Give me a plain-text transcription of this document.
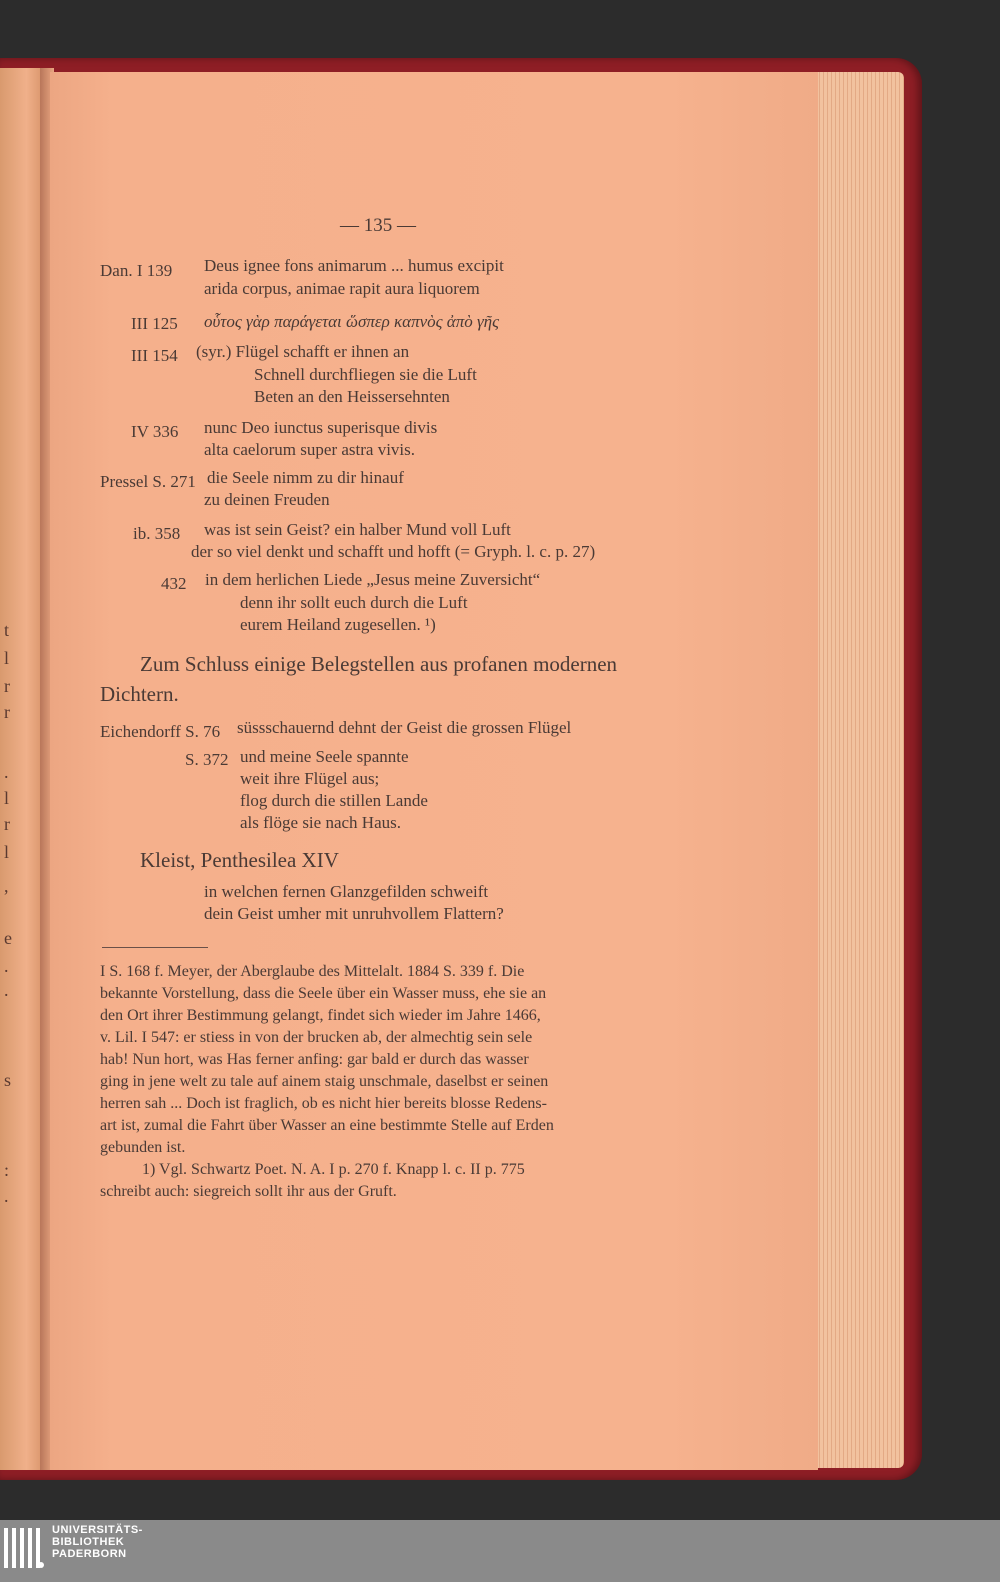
t
l
r
r
.
l
r
l
,
e
.
.
s
:
.
— 135 —
Dan. I 139 Deus ignee fons animarum ... humus excipit
arida corpus, animae rapit aura liquorem
III 125 οὗτος γὰρ παράγεται ὥσπερ καπνὸς ἀπὸ γῆς
III 154 (syr.) Flügel schafft er ihnen an
Schnell durchfliegen sie die Luft
Beten an den Heissersehnten
IV 336 nunc Deo iunctus superisque divis
alta caelorum super astra vivis.
Pressel S. 271 die Seele nimm zu dir hinauf
zu deinen Freuden
ib. 358 was ist sein Geist? ein halber Mund voll Luft
der so viel denkt und schafft und hofft (= Gryph. l. c. p. 27)
432 in dem herlichen Liede „Jesus meine Zuversicht“
denn ihr sollt euch durch die Luft
eurem Heiland zugesellen. ¹)
Zum Schluss einige Belegstellen aus profanen modernen
Dichtern.
Eichendorff S. 76 süssschauernd dehnt der Geist die grossen Flügel
S. 372 und meine Seele spannte
weit ihre Flügel aus;
flog durch die stillen Lande
als flöge sie nach Haus.
Kleist, Penthesilea XIV
in welchen fernen Glanzgefilden schweift
dein Geist umher mit unruhvollem Flattern?
I S. 168 f. Meyer, der Aberglaube des Mittelalt. 1884 S. 339 f. Die
bekannte Vorstellung, dass die Seele über ein Wasser muss, ehe sie an
den Ort ihrer Bestimmung gelangt, findet sich wieder im Jahre 1466,
v. Lil. I 547: er stiess in von der brucken ab, der almechtig sein sele
hab! Nun hort, was Has ferner anfing: gar bald er durch das wasser
ging in jene welt zu tale auf ainem staig unschmale, daselbst er seinen
herren sah ... Doch ist fraglich, ob es nicht hier bereits blosse Redens-
art ist, zumal die Fahrt über Wasser an eine bestimmte Stelle auf Erden
gebunden ist.
1) Vgl. Schwartz Poet. N. A. I p. 270 f. Knapp l. c. II p. 775
schreibt auch: siegreich sollt ihr aus der Gruft.
UNIVERSITÄTS-
BIBLIOTHEK
PADERBORN
